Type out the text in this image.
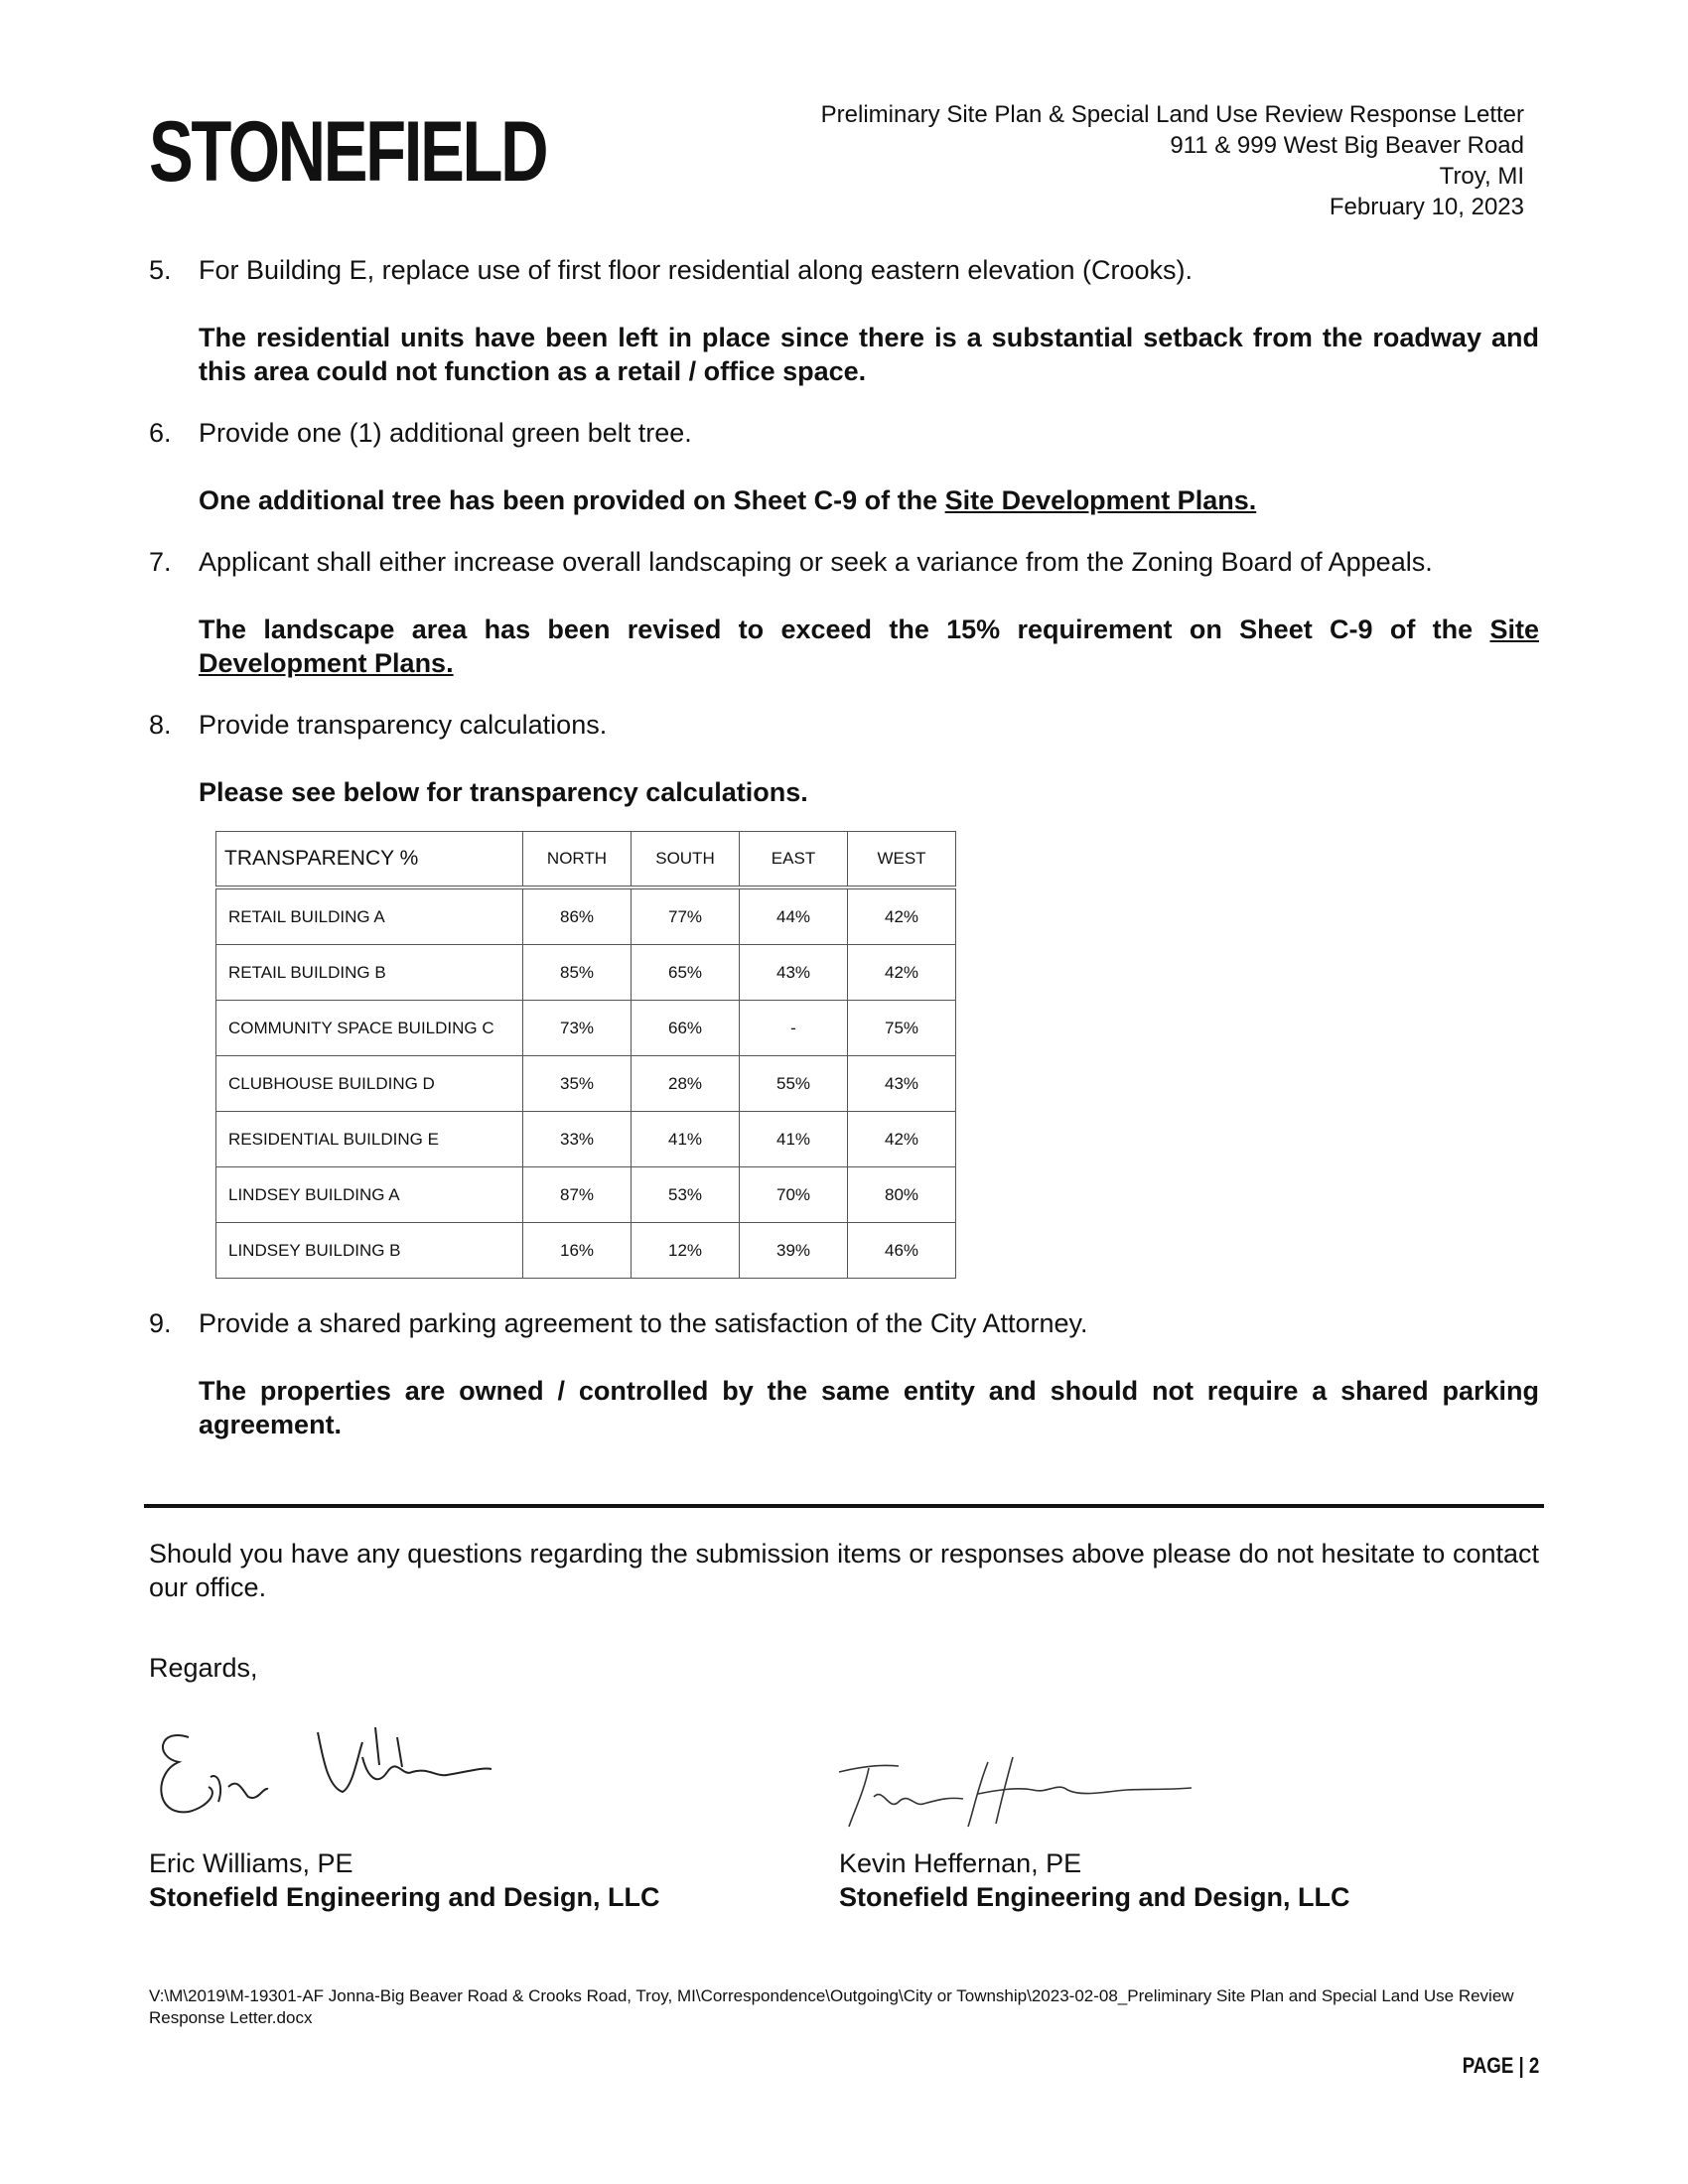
STONEFIELD	Preliminary Site Plan & Special Land Use Review Response Letter
911 & 999 West Big Beaver Road
Troy, MI
February 10, 2023
5. For Building E, replace use of first floor residential along eastern elevation (Crooks).
The residential units have been left in place since there is a substantial setback from the roadway and this area could not function as a retail / office space.
6. Provide one (1) additional green belt tree.
One additional tree has been provided on Sheet C-9 of the Site Development Plans.
7. Applicant shall either increase overall landscaping or seek a variance from the Zoning Board of Appeals.
The landscape area has been revised to exceed the 15% requirement on Sheet C-9 of the Site Development Plans.
8. Provide transparency calculations.
Please see below for transparency calculations.
TRANSPARENCY %	NORTH	SOUTH	EAST	WEST
RETAIL BUILDING A	86%	77%	44%	42%
RETAIL BUILDING B	85%	65%	43%	42%
COMMUNITY SPACE BUILDING C	73%	66%	-	75%
CLUBHOUSE BUILDING D	35%	28%	55%	43%
RESIDENTIAL BUILDING E	33%	41%	41%	42%
LINDSEY BUILDING A	87%	53%	70%	80%
LINDSEY BUILDING B	16%	12%	39%	46%
9. Provide a shared parking agreement to the satisfaction of the City Attorney.
The properties are owned / controlled by the same entity and should not require a shared parking agreement.
Should you have any questions regarding the submission items or responses above please do not hesitate to contact our office.
Regards,
Eric Williams, PE
Stonefield Engineering and Design, LLC
Kevin Heffernan, PE
Stonefield Engineering and Design, LLC
V:\M\2019\M-19301-AF Jonna-Big Beaver Road & Crooks Road, Troy, MI\Correspondence\Outgoing\City or Township\2023-02-08_Preliminary Site Plan and Special Land Use Review Response Letter.docx
PAGE | 2
